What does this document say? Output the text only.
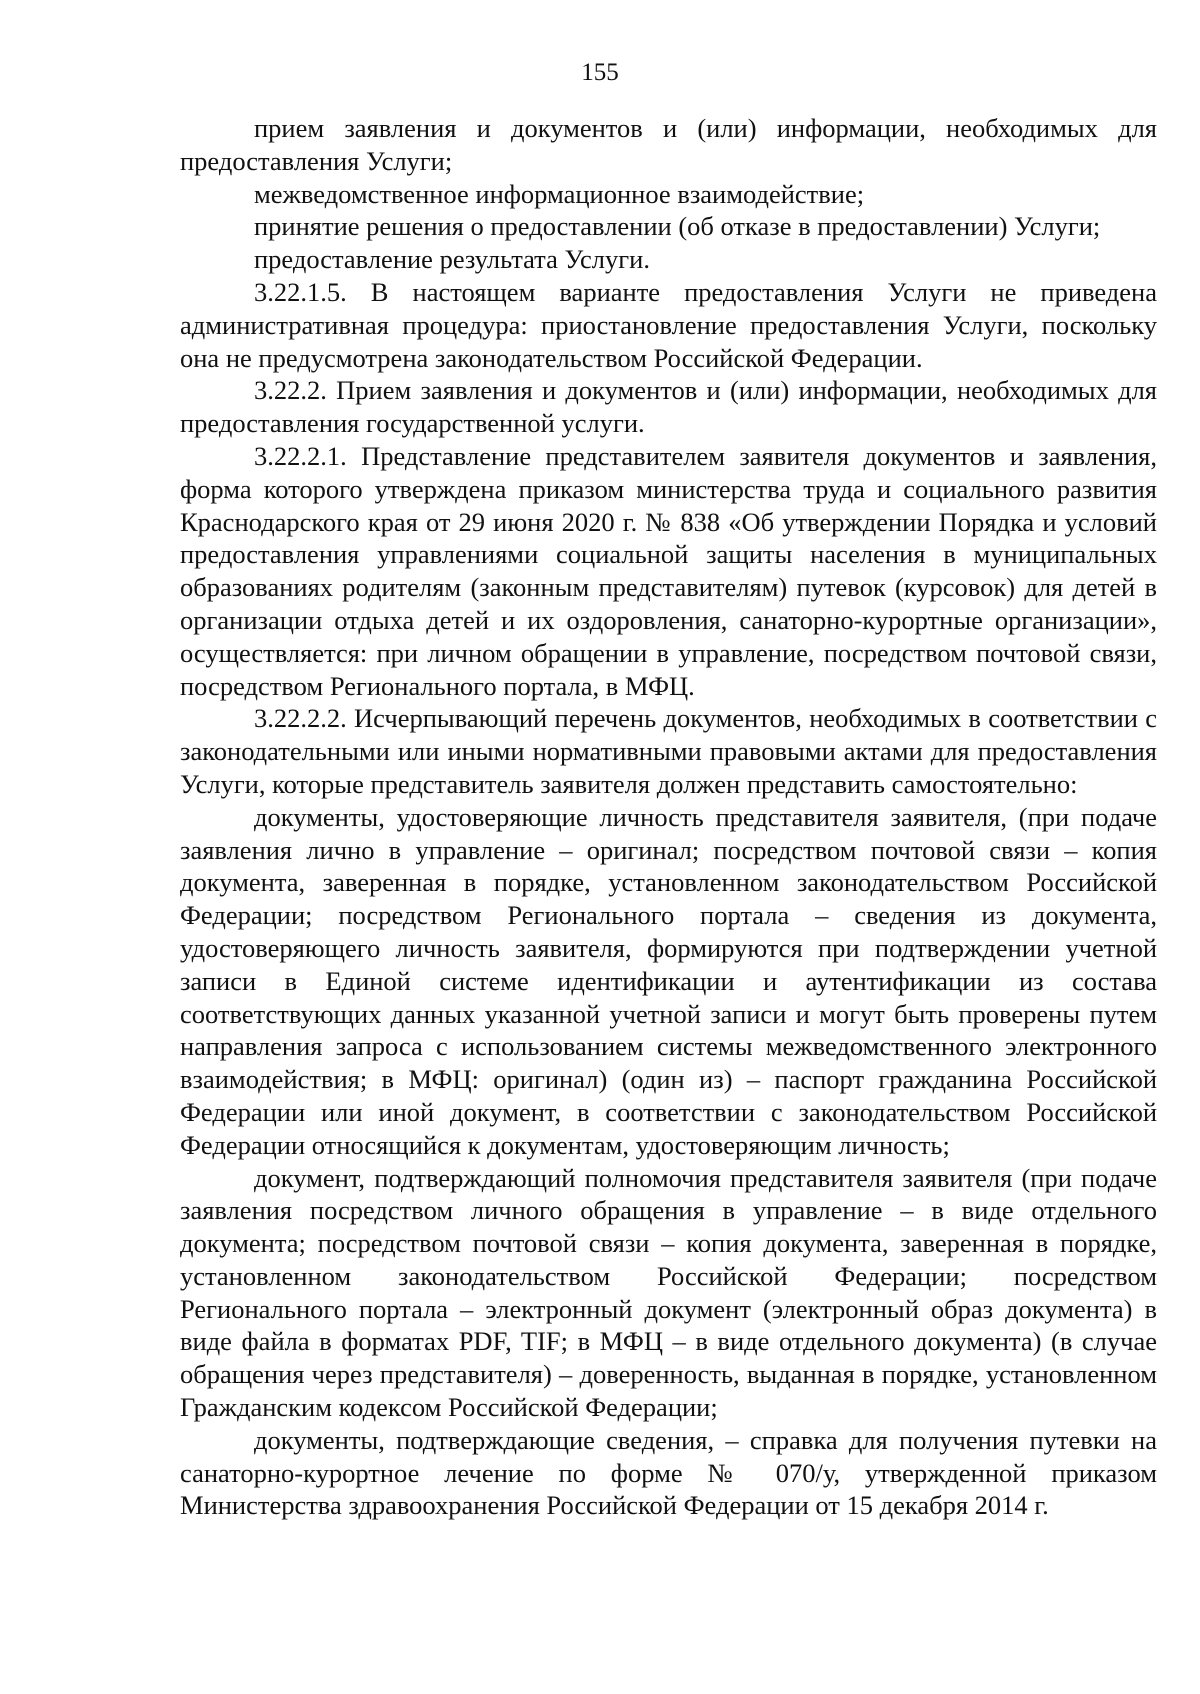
155

прием заявления и документов и (или) информации, необходимых для предоставления Услуги;

межведомственное информационное взаимодействие;

принятие решения о предоставлении (об отказе в предоставлении) Услуги;

предоставление результата Услуги.

3.22.1.5. В настоящем варианте предоставления Услуги не приведена административная процедура: приостановление предоставления Услуги, поскольку она не предусмотрена законодательством Российской Федерации.

3.22.2. Прием заявления и документов и (или) информации, необходимых для предоставления государственной услуги.

3.22.2.1. Представление представителем заявителя документов и заявления, форма которого утверждена приказом министерства труда и социального развития Краснодарского края от 29 июня 2020 г. № 838 «Об утверждении Порядка и условий предоставления управлениями социальной защиты населения в муниципальных образованиях родителям (законным представителям) путевок (курсовок) для детей в организации отдыха детей и их оздоровления, санаторно-курортные организации», осуществляется: при личном обращении в управление, посредством почтовой связи, посредством Регионального портала, в МФЦ.

3.22.2.2. Исчерпывающий перечень документов, необходимых в соответствии с законодательными или иными нормативными правовыми актами для предоставления Услуги, которые представитель заявителя должен представить самостоятельно:

документы, удостоверяющие личность представителя заявителя, (при подаче заявления лично в управление – оригинал; посредством почтовой связи – копия документа, заверенная в порядке, установленном законодательством Российской Федерации; посредством Регионального портала – сведения из документа, удостоверяющего личность заявителя, формируются при подтверждении учетной записи в Единой системе идентификации и аутентификации из состава соответствующих данных указанной учетной записи и могут быть проверены путем направления запроса с использованием системы межведомственного электронного взаимодействия; в МФЦ: оригинал) (один из) – паспорт гражданина Российской Федерации или иной документ, в соответствии с законодательством Российской Федерации относящийся к документам, удостоверяющим личность;

документ, подтверждающий полномочия представителя заявителя (при подаче заявления посредством личного обращения в управление – в виде отдельного документа; посредством почтовой связи – копия документа, заверенная в порядке, установленном законодательством Российской Федерации; посредством Регионального портала – электронный документ (электронный образ документа) в виде файла в форматах PDF, TIF; в МФЦ – в виде отдельного документа) (в случае обращения через представителя) – доверенность, выданная в порядке, установленном Гражданским кодексом Российской Федерации;

документы, подтверждающие сведения, – справка для получения путевки на санаторно-курортное лечение по форме № 070/у, утвержденной приказом Министерства здравоохранения Российской Федерации от 15 декабря 2014 г.
